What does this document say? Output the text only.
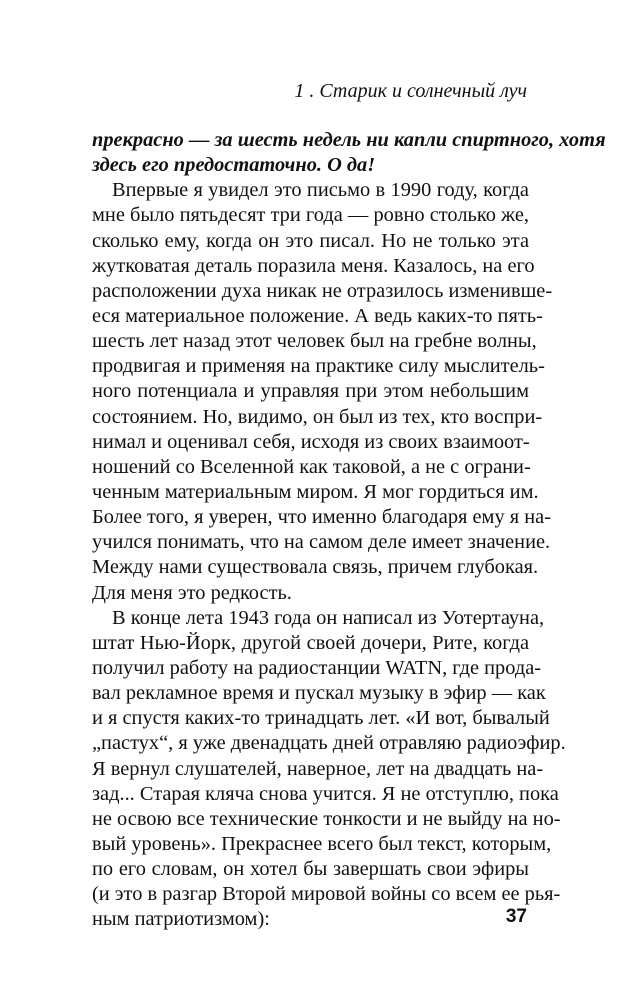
1 . Старик и солнечный луч
прекрасно — за шесть недель ни капли спиртного, хотя
здесь его предостаточно. О да!
Впервые я увидел это письмо в 1990 году, когда
мне было пятьдесят три года — ровно столько же,
сколько ему, когда он это писал. Но не только эта
жутковатая деталь поразила меня. Казалось, на его
расположении духа никак не отразилось изменивше-
еся материальное положение. А ведь каких-то пять-
шесть лет назад этот человек был на гребне волны,
продвигая и применяя на практике силу мыслитель-
ного потенциала и управляя при этом небольшим
состоянием. Но, видимо, он был из тех, кто воспри-
нимал и оценивал себя, исходя из своих взаимоот-
ношений со Вселенной как таковой, а не с ограни-
ченным материальным миром. Я мог гордиться им.
Более того, я уверен, что именно благодаря ему я на-
учился понимать, что на самом деле имеет значение.
Между нами существовала связь, причем глубокая.
Для меня это редкость.
В конце лета 1943 года он написал из Уотертауна,
штат Нью-Йорк, другой своей дочери, Рите, когда
получил работу на радиостанции WATN, где прода-
вал рекламное время и пускал музыку в эфир — как
и я спустя каких-то тринадцать лет. «И вот, бывалый
„пастух“, я уже двенадцать дней отравляю радиоэфир.
Я вернул слушателей, наверное, лет на двадцать на-
зад... Старая кляча снова учится. Я не отступлю, пока
не освою все технические тонкости и не выйду на но-
вый уровень». Прекраснее всего был текст, которым,
по его словам, он хотел бы завершать свои эфиры
(и это в разгар Второй мировой войны со всем ее рья-
ным патриотизмом):	37
